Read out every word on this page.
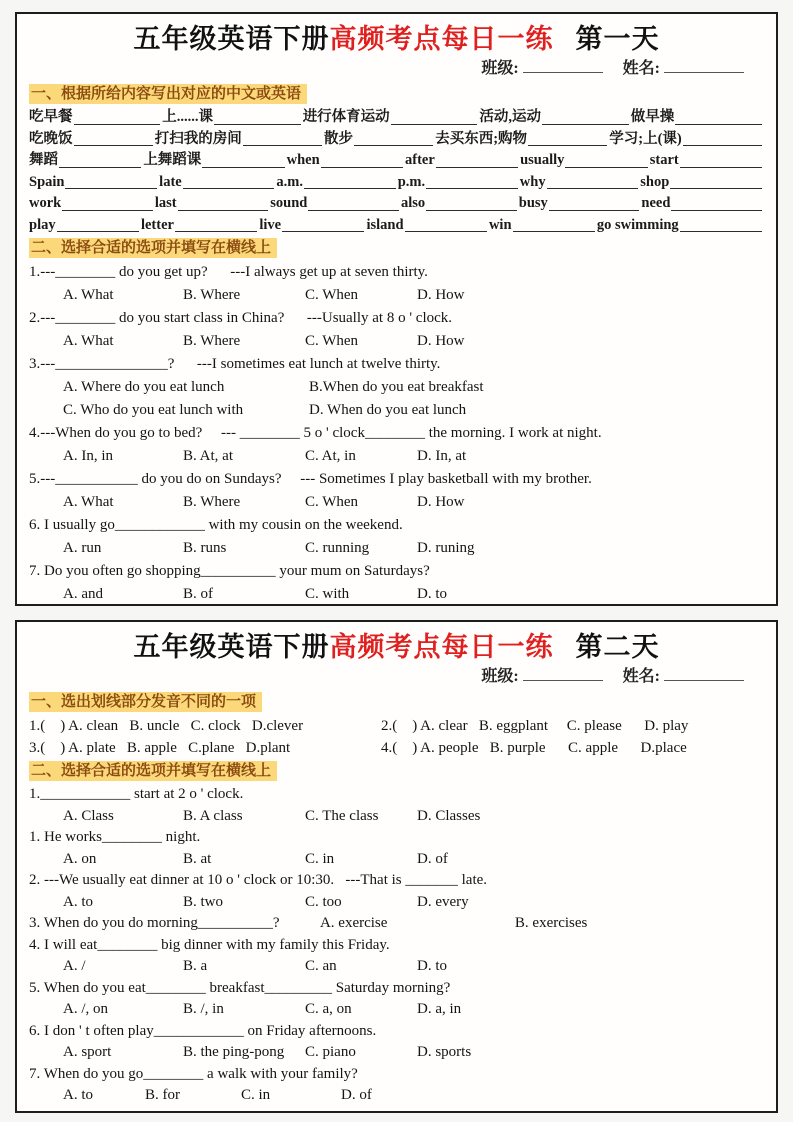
五年级英语下册高频考点每日一练 第一天
班级:	姓名:
一、根据所给内容写出对应的中文或英语
吃早餐	上......课	进行体育运动	活动,运动	做早操
吃晚饭	打扫我的房间	散步	去买东西;购物	学习;上(课)
舞蹈	上舞蹈课	when	after	usually	start
Spain	late	a.m.	p.m.	why	shop
work	last	sound	also	busy	need
play	letter	live	island	win	go swimming
二、选择合适的选项并填写在横线上
1.---________ do you get up?      ---I always get up at seven thirty.
A. What	B. Where	C. When	D. How
2.---________ do you start class in China?      ---Usually at 8 o ' clock.
A. What	B. Where	C. When	D. How
3.---_______________?      ---I sometimes eat lunch at twelve thirty.
A. Where do you eat lunch	B.When do you eat breakfast
C. Who do you eat lunch with	D. When do you eat lunch
4.---When do you go to bed?     --- ________ 5 o ' clock________ the morning. I work at night.
A. In, in	B. At, at	C. At, in	D. In, at
5.---___________ do you do on Sundays?     --- Sometimes I play basketball with my brother.
A. What	B. Where	C. When	D. How
6. I usually go____________ with my cousin on the weekend.
A. run	B. runs	C. running	D. runing
7. Do you often go shopping__________ your mum on Saturdays?
A. and	B. of	C. with	D. to
五年级英语下册高频考点每日一练 第二天
班级:	姓名:
一、选出划线部分发音不同的一项
1.(    ) A. clean   B. uncle   C. clock   D.clever	2.(    ) A. clear   B. eggplant     C. please      D. play
3.(    ) A. plate   B. apple   C.plane   D.plant	4.(    ) A. people   B. purple      C. apple      D.place
二、选择合适的选项并填写在横线上
1.____________ start at 2 o ' clock.
A. Class	B. A class	C. The class	D. Classes
1. He works________ night.
A. on	B. at	C. in	D. of
2. ---We usually eat dinner at 10 o ' clock or 10:30.   ---That is _______ late.
A. to	B. two	C. too	D. every
3. When do you do morning__________?           A. exercise                                  B. exercises
4. I will eat________ big dinner with my family this Friday.
A. /	B. a	C. an	D. to
5. When do you eat________ breakfast_________ Saturday morning?
A. /, on	B. /, in	C. a, on	D. a, in
6. I don ' t often play____________ on Friday afternoons.
A. sport	B. the ping-pong	C. piano	D. sports
7. When do you go________ a walk with your family?
A. to	B. for	C. in	D. of
